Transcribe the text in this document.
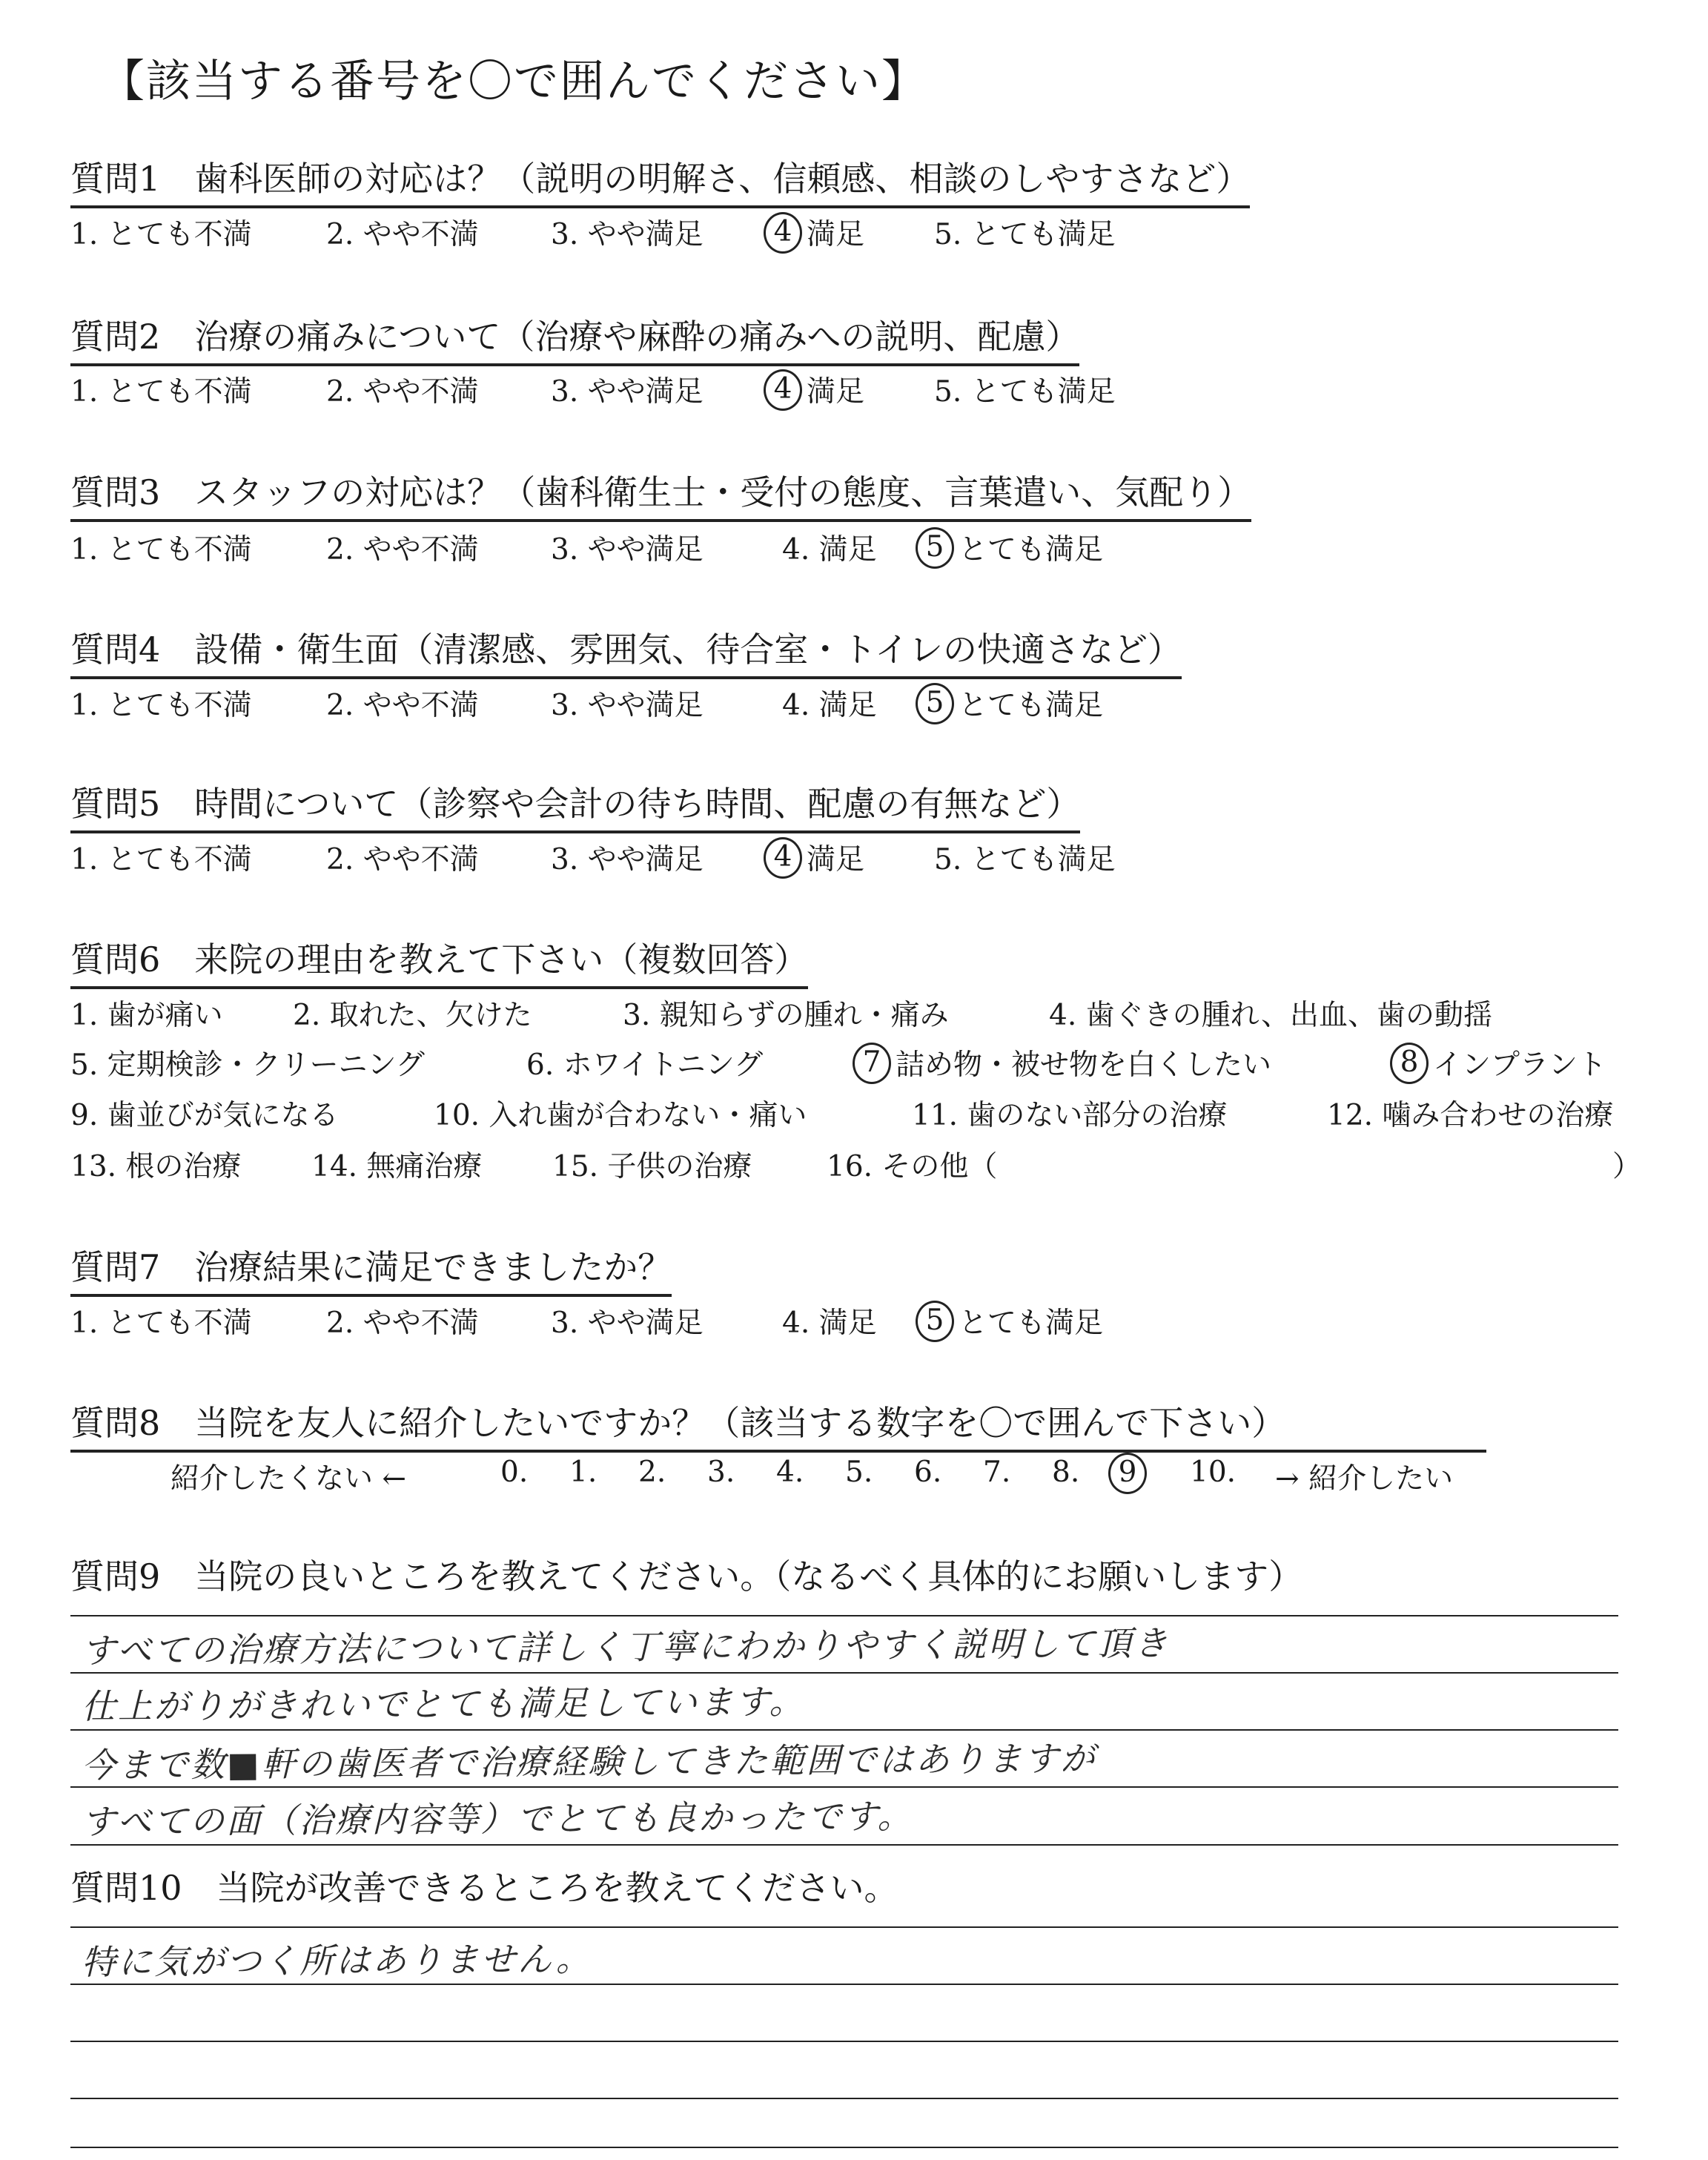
【該当する番号を〇で囲んでください】
質問1　歯科医師の対応は？（説明の明解さ、信頼感、相談のしやすさなど）
1. とても不満	2. やや不満 3. やや満足	4 満足 5. とても満足
質問2　治療の痛みについて（治療や麻酔の痛みへの説明、配慮）
1. とても不満	2. やや不満 3. やや満足	4 満足 5. とても満足
質問3　スタッフの対応は？（歯科衛生士・受付の態度、言葉遣い、気配り）
1. とても不満	2. やや不満 3. やや満足	4. 満足	5 とても満足
質問4　設備・衛生面（清潔感、雰囲気、待合室・トイレの快適さなど）
1. とても不満	2. やや不満 3. やや満足	4. 満足	5 とても満足
質問5　時間について（診察や会計の待ち時間、配慮の有無など）
1. とても不満	2. やや不満 3. やや満足	4 満足 5. とても満足
質問6　来院の理由を教えて下さい（複数回答）
1. 歯が痛い 2. 取れた、欠けた	3. 親知らずの腫れ・痛み	4. 歯ぐきの腫れ、出血、歯の動揺
5. 定期検診・クリーニング	6. ホワイトニング	7 詰め物・被せ物を白くしたい	8 インプラント
9. 歯並びが気になる	10. 入れ歯が合わない・痛い	11. 歯のない部分の治療	12. 噛み合わせの治療
13. 根の治療 14. 無痛治療 15. 子供の治療	16. その他（	）
質問7　治療結果に満足できましたか？
1. とても不満	2. やや不満 3. やや満足	4. 満足	5 とても満足
質問8　当院を友人に紹介したいですか？（該当する数字を〇で囲んで下さい）
紹介したくない ←	0. 1. 2. 3. 4. 5. 6. 7. 8.	9	10. → 紹介したい
質問9　当院の良いところを教えてください。（なるべく具体的にお願いします）
すべての治療方法について詳しく丁寧にわかりやすく説明して頂き
仕上がりがきれいでとても満足しています。
今まで数■軒の歯医者で治療経験してきた範囲ではありますが
すべての面（治療内容等）でとても良かったです。
質問10　当院が改善できるところを教えてください。
特に気がつく所はありません。
